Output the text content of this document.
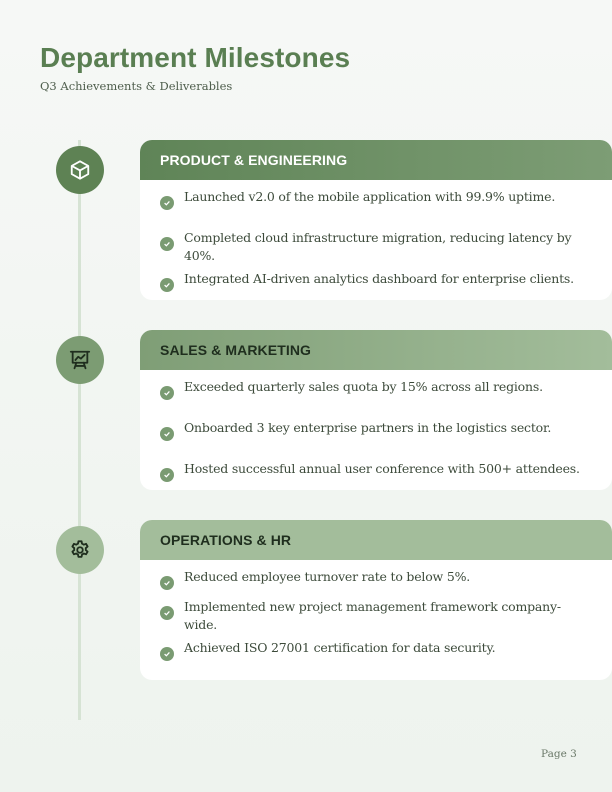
Department Milestones
Q3 Achievements & Deliverables
PRODUCT & ENGINEERING
Launched v2.0 of the mobile application with 99.9% uptime.
Completed cloud infrastructure migration, reducing latency by 40%.
Integrated AI-driven analytics dashboard for enterprise clients.
SALES & MARKETING
Exceeded quarterly sales quota by 15% across all regions.
Onboarded 3 key enterprise partners in the logistics sector.
Hosted successful annual user conference with 500+ attendees.
OPERATIONS & HR
Reduced employee turnover rate to below 5%.
Implemented new project management framework company-wide.
Achieved ISO 27001 certification for data security.
Page 3
